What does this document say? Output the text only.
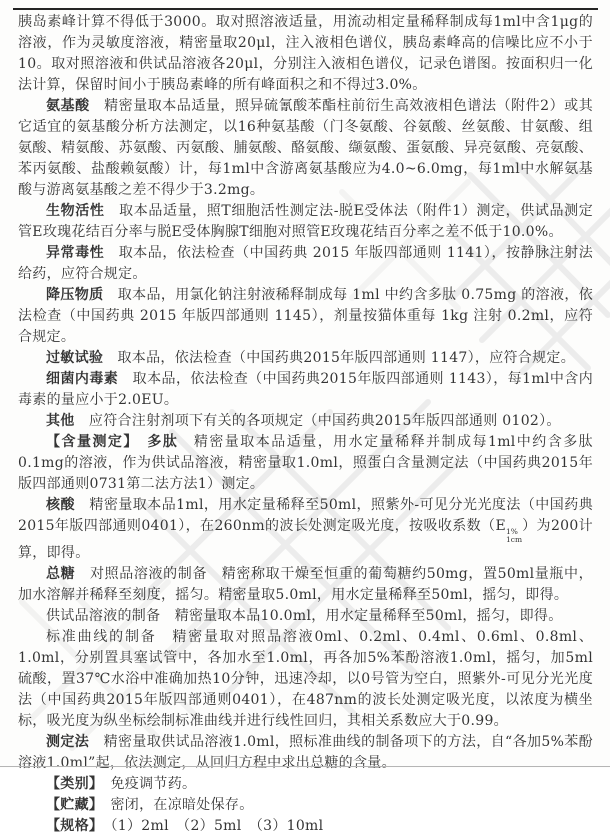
胰岛素峰计算不得低于3000。取对照溶液适量，用流动相定量稀释制成每1ml中含1μg的溶液，作为灵敏度溶液，精密量取20μl，注入液相色谱仪，胰岛素峰高的信噪比应不小于10。取对照溶液和供试品溶液各20μl，分别注入液相色谱仪，记录色谱图。按面积归一化法计算，保留时间小于胰岛素峰的所有峰面积之和不得过3.0%。

氨基酸　精密量取本品适量，照异硫氰酸苯酯柱前衍生高效液相色谱法（附件2）或其它适宜的氨基酸分析方法测定，以16种氨基酸（门冬氨酸、谷氨酸、丝氨酸、甘氨酸、组氨酸、精氨酸、苏氨酸、丙氨酸、脯氨酸、酪氨酸、缬氨酸、蛋氨酸、异亮氨酸、亮氨酸、苯丙氨酸、盐酸赖氨酸）计，每1ml中含游离氨基酸应为4.0~6.0mg，每1ml中水解氨基酸与游离氨基酸之差不得少于3.2mg。

生物活性　取本品适量，照T细胞活性测定法-脱E受体法（附件1）测定，供试品测定管E玫瑰花结百分率与脱E受体胸腺T细胞对照管E玫瑰花结百分率之差不低于10.0%。

异常毒性　取本品，依法检查（中国药典 2015 年版四部通则 1141），按静脉注射法给药，应符合规定。

降压物质　取本品，用氯化钠注射液稀释制成每 1ml 中约含多肽 0.75mg 的溶液，依法检查（中国药典 2015 年版四部通则 1145），剂量按猫体重每 1kg 注射 0.2ml，应符合规定。

过敏试验　取本品，依法检查（中国药典2015年版四部通则 1147），应符合规定。

细菌内毒素　取本品，依法检查（中国药典2015年版四部通则 1143），每1ml中含内毒素的量应小于2.0EU。

其他　应符合注射剂项下有关的各项规定（中国药典2015年版四部通则 0102）。

【含量测定】　 多肽　精密量取本品适量，用水定量稀释并制成每1ml中约含多肽0.1mg的溶液，作为供试品溶液，精密量取1.0ml，照蛋白含量测定法（中国药典2015年版四部通则0731第二法方法1）测定。

核酸　精密量取本品1ml，用水定量稀释至50ml，照紫外-可见分光光度法（中国药典2015年版四部通则0401），在260nm的波长处测定吸光度，按吸收系数（E 1%
1cm
）为200计算，即得。

总糖　对照品溶液的制备　精密称取干燥至恒重的葡萄糖约50mg，置50ml量瓶中，加水溶解并稀释至刻度，摇匀。精密量取5.0ml，用水定量稀释至50ml，摇匀，即得。

供试品溶液的制备　精密量取本品10.0ml，用水定量稀释至50ml，摇匀，即得。

标准曲线的制备　精密量取对照品溶液0ml、0.2ml、0.4ml、0.6ml、0.8ml、1.0ml，分别置具塞试管中，各加水至1.0ml，再各加5%苯酚溶液1.0ml，摇匀，加5ml硫酸，置37℃水浴中准确加热10分钟，迅速冷却，以0号管为空白，照紫外-可见分光光度法（中国药典2015年版四部通则0401），在487nm的波长处测定吸光度，以浓度为横坐标，吸光度为纵坐标绘制标准曲线并进行线性回归，其相关系数应大于0.99。

测定法　精密量取供试品溶液1.0ml，照标准曲线的制备项下的方法，自“各加5%苯酚溶液1.0ml”起，依法测定，从回归方程中求出总糖的含量。

【类别】　免疫调节药。

【贮藏】　密闭，在凉暗处保存。

【规格】　（1）2ml　（2）5ml　（3）10ml
